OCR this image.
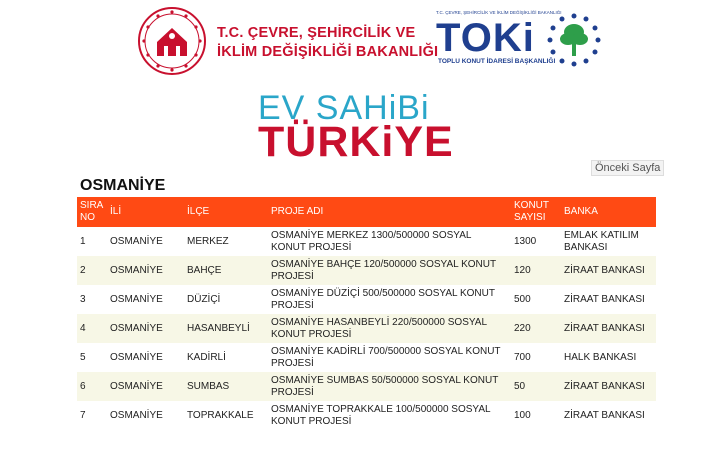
T.C. ÇEVRE, ŞEHİRCİLİK VE
İKLİM DEĞİŞİKLİĞİ BAKANLIĞI
T.C. ÇEVRE, ŞEHİRCİLİK VE İKLİM DEĞİŞİKLİĞİ BAKANLIĞI
TOKi
TOPLU KONUT İDARESİ BAŞKANLIĞI
EV SAHiBi
TÜRKiYE
Önceki Sayfa
OSMANİYE
SIRA NO	İLİ	İLÇE	PROJE ADI	KONUT SAYISI	BANKA
1	OSMANİYE	MERKEZ	OSMANİYE MERKEZ 1300/500000 SOSYAL KONUT PROJESİ	1300	EMLAK KATILIM BANKASI
2	OSMANİYE	BAHÇE	OSMANİYE BAHÇE 120/500000 SOSYAL KONUT PROJESİ	120	ZİRAAT BANKASI
3	OSMANİYE	DÜZİÇİ	OSMANİYE DÜZİÇİ 500/500000 SOSYAL KONUT PROJESİ	500	ZİRAAT BANKASI
4	OSMANİYE	HASANBEYLİ	OSMANİYE HASANBEYLİ 220/500000 SOSYAL KONUT PROJESİ	220	ZİRAAT BANKASI
5	OSMANİYE	KADİRLİ	OSMANİYE KADİRLİ 700/500000 SOSYAL KONUT PROJESİ	700	HALK BANKASI
6	OSMANİYE	SUMBAS	OSMANİYE SUMBAS 50/500000 SOSYAL KONUT PROJESİ	50	ZİRAAT BANKASI
7	OSMANİYE	TOPRAKKALE	OSMANİYE TOPRAKKALE 100/500000 SOSYAL KONUT PROJESİ	100	ZİRAAT BANKASI
